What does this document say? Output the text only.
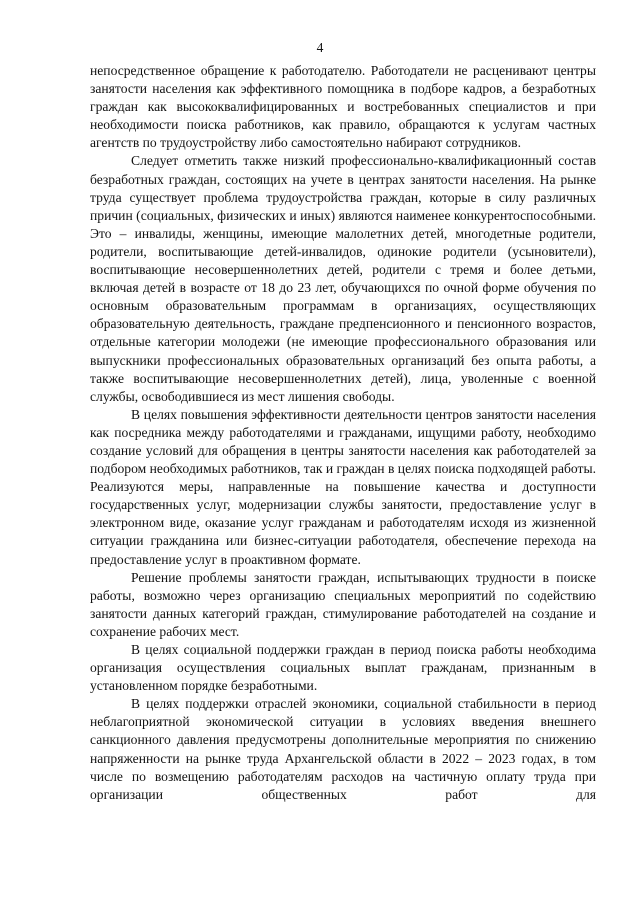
4

непосредственное обращение к работодателю. Работодатели не расценивают центры занятости населения как эффективного помощника в подборе кадров, а безработных граждан как высококвалифицированных и востребованных специалистов и при необходимости поиска работников, как правило, обращаются к услугам частных агентств по трудоустройству либо самостоятельно набирают сотрудников.

Следует отметить также низкий профессионально-квалификационный состав безработных граждан, состоящих на учете в центрах занятости населения. На рынке труда существует проблема трудоустройства граждан, которые в силу различных причин (социальных, физических и иных) являются наименее конкурентоспособными. Это – инвалиды, женщины, имеющие малолетних детей, многодетные родители, родители, воспитывающие детей-инвалидов, одинокие родители (усыновители), воспитывающие несовершеннолетних детей, родители с тремя и более детьми, включая детей в возрасте от 18 до 23 лет, обучающихся по очной форме обучения по основным образовательным программам в организациях, осуществляющих образовательную деятельность, граждане предпенсионного и пенсионного возрастов, отдельные категории молодежи (не имеющие профессионального образования или выпускники профессиональных образовательных организаций без опыта работы, а также воспитывающие несовершеннолетних детей), лица, уволенные с военной службы, освободившиеся из мест лишения свободы.

В целях повышения эффективности деятельности центров занятости населения как посредника между работодателями и гражданами, ищущими работу, необходимо создание условий для обращения в центры занятости населения как работодателей за подбором необходимых работников, так и граждан в целях поиска подходящей работы. Реализуются меры, направленные на повышение качества и доступности государственных услуг, модернизации службы занятости, предоставление услуг в электронном виде, оказание услуг гражданам и работодателям исходя из жизненной ситуации гражданина или бизнес-ситуации работодателя, обеспечение перехода на предоставление услуг в проактивном формате.

Решение проблемы занятости граждан, испытывающих трудности в поиске работы, возможно через организацию специальных мероприятий по содействию занятости данных категорий граждан, стимулирование работодателей на создание и сохранение рабочих мест.

В целях социальной поддержки граждан в период поиска работы необходима организация осуществления социальных выплат гражданам, признанным в установленном порядке безработными.

В целях поддержки отраслей экономики, социальной стабильности в период неблагоприятной экономической ситуации в условиях введения внешнего санкционного давления предусмотрены дополнительные мероприятия по снижению напряженности на рынке труда Архангельской области в 2022 – 2023 годах, в том числе по возмещению работодателям расходов на частичную оплату труда при организации общественных работ для
